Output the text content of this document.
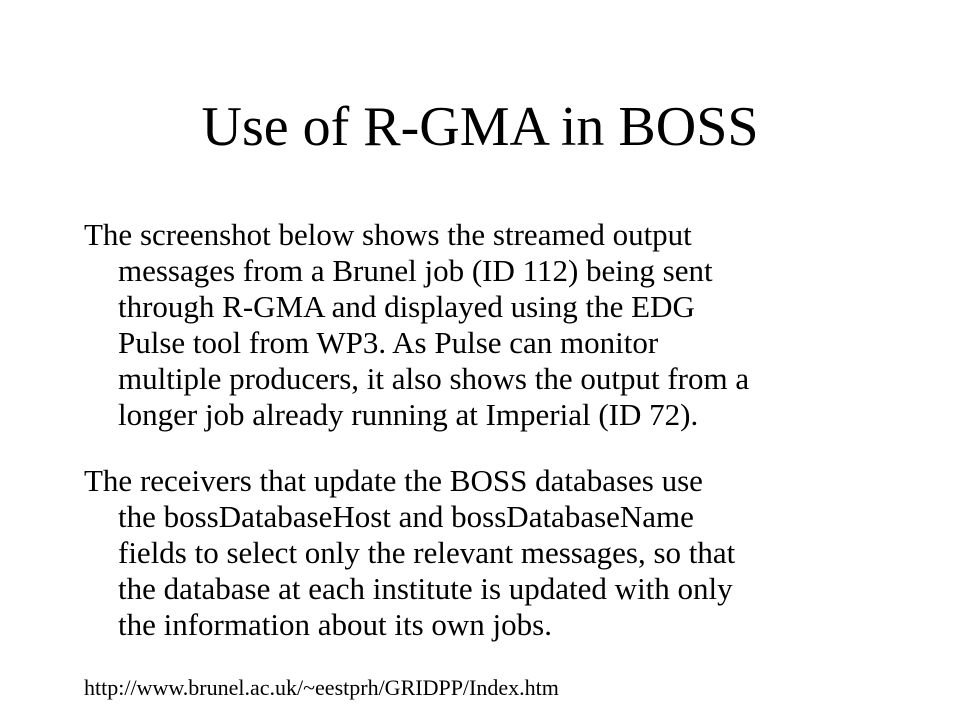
Use of R-GMA in BOSS

The screenshot below shows the streamed output
messages from a Brunel job (ID 112) being sent
through R-GMA and displayed using the EDG
Pulse tool from WP3. As Pulse can monitor
multiple producers, it also shows the output from a
longer job already running at Imperial (ID 72).

The receivers that update the BOSS databases use
the bossDatabaseHost and bossDatabaseName
fields to select only the relevant messages, so that
the database at each institute is updated with only
the information about its own jobs.

http://www.brunel.ac.uk/~eestprh/GRIDPP/Index.htm
